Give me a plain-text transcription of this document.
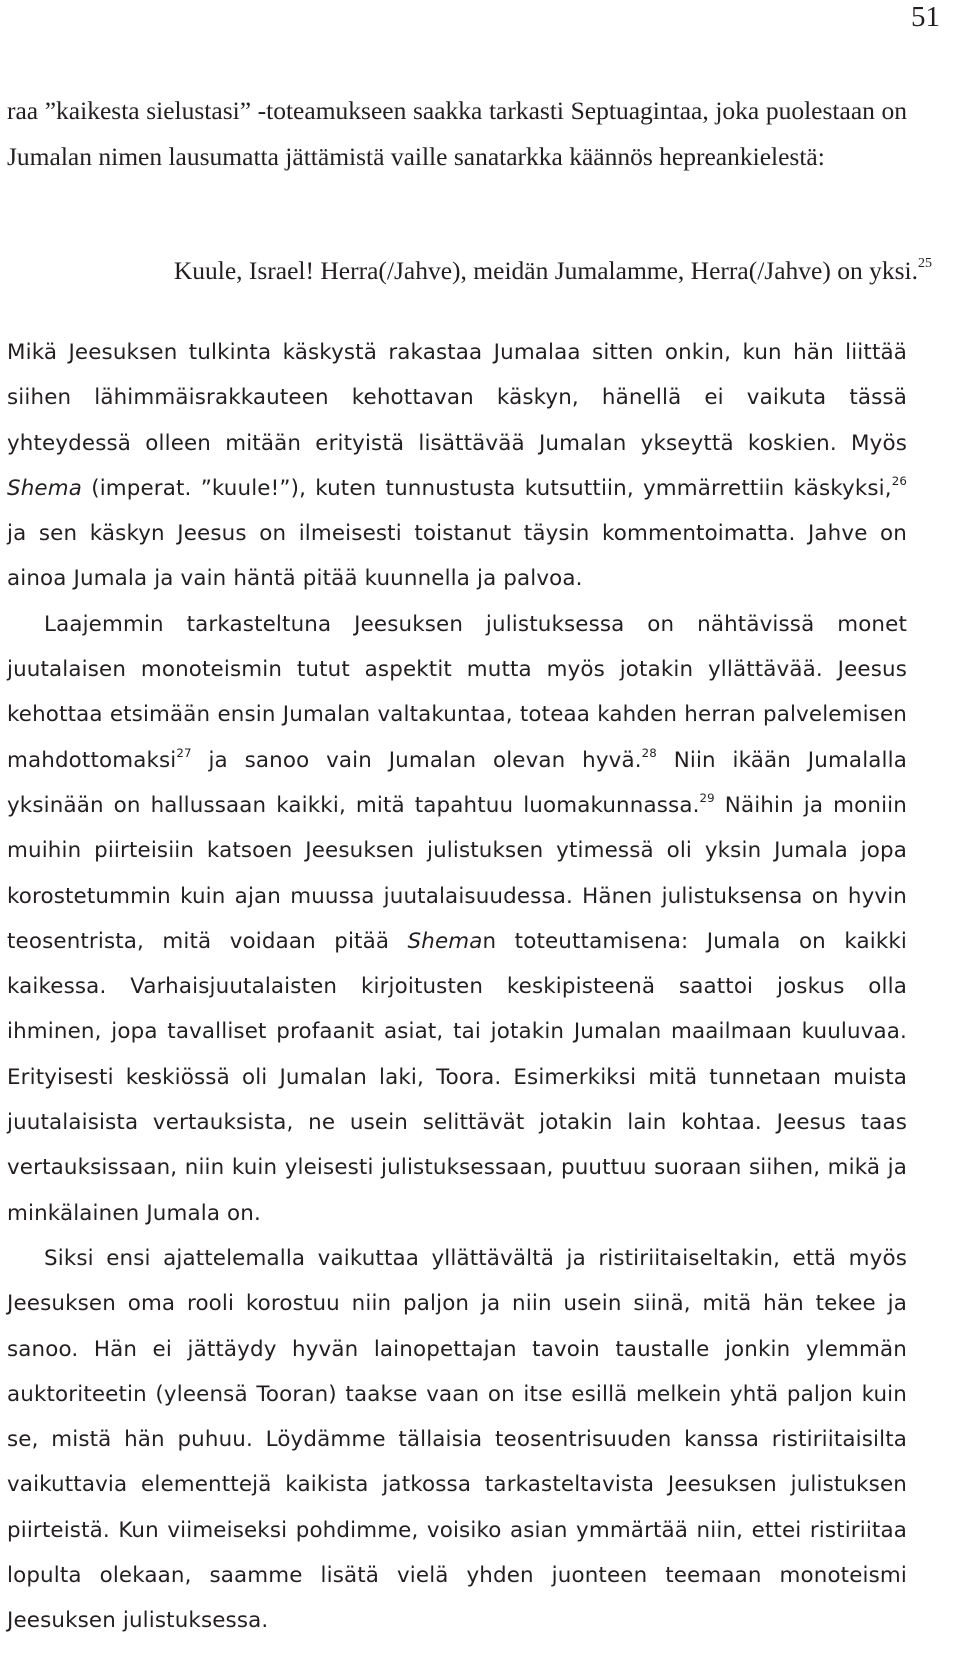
51

raa ”kaikesta sielustasi” -toteamukseen saakka tarkasti Septuagintaa, joka puolestaan on Jumalan nimen lausumatta jättämistä vaille sanatarkka käännös hepreankielestä:

Kuule, Israel! Herra(/Jahve), meidän Jumalamme, Herra(/Jahve) on yksi.$^{25}$

Mikä Jeesuksen tulkinta käskystä rakastaa Jumalaa sitten onkin, kun hän liittää siihen lähimmäisrakkauteen kehottavan käskyn, hänellä ei vaikuta tässä yhteydessä olleen mitään erityistä lisättävää Jumalan ykseyttä koskien. Myös Shema (imperat. ”kuule!”), kuten tunnustusta kutsuttiin, ymmärrettiin käskyksi,$^{26}$ ja sen käskyn Jeesus on ilmeisesti toistanut täysin kommentoimatta. Jahve on ainoa Jumala ja vain häntä pitää kuunnella ja palvoa.

Laajemmin tarkasteltuna Jeesuksen julistuksessa on nähtävissä monet juutalaisen monoteismin tutut aspektit mutta myös jotakin yllättävää. Jeesus kehottaa etsimään ensin Jumalan valtakuntaa, toteaa kahden herran palvelemisen mahdottomaksi$^{27}$ ja sanoo vain Jumalan olevan hyvä.$^{28}$ Niin ikään Jumalalla yksinään on hallussaan kaikki, mitä tapahtuu luomakunnassa.$^{29}$ Näihin ja moniin muihin piirteisiin katsoen Jeesuksen julistuksen ytimessä oli yksin Jumala jopa korostetummin kuin ajan muussa juutalaisuudessa. Hänen julistuksensa on hyvin teosentrista, mitä voidaan pitää Sheman toteuttamisena: Jumala on kaikki kaikessa. Varhaisjuutalaisten kirjoitusten keskipisteenä saattoi joskus olla ihminen, jopa tavalliset profaanit asiat, tai jotakin Jumalan maailmaan kuuluvaa. Erityisesti keskiössä oli Jumalan laki, Toora. Esimerkiksi mitä tunnetaan muista juutalaisista vertauksista, ne usein selittävät jotakin lain kohtaa. Jeesus taas vertauksissaan, niin kuin yleisesti julistuksessaan, puuttuu suoraan siihen, mikä ja minkälainen Jumala on.

Siksi ensi ajattelemalla vaikuttaa yllättävältä ja ristiriitaiseltakin, että myös Jeesuksen oma rooli korostuu niin paljon ja niin usein siinä, mitä hän tekee ja sanoo. Hän ei jättäydy hyvän lainopettajan tavoin taustalle jonkin ylemmän auktoriteetin (yleensä Tooran) taakse vaan on itse esillä melkein yhtä paljon kuin se, mistä hän puhuu. Löydämme tällaisia teosentrisuuden kanssa ristiriitaisilta vaikuttavia elementtejä kaikista jatkossa tarkasteltavista Jeesuksen julistuksen piirteistä. Kun viimeiseksi pohdimme, voisiko asian ymmärtää niin, ettei ristiriitaa lopulta olekaan, saamme lisätä vielä yhden juonteen teemaan monoteismi Jeesuksen julistuksessa.
